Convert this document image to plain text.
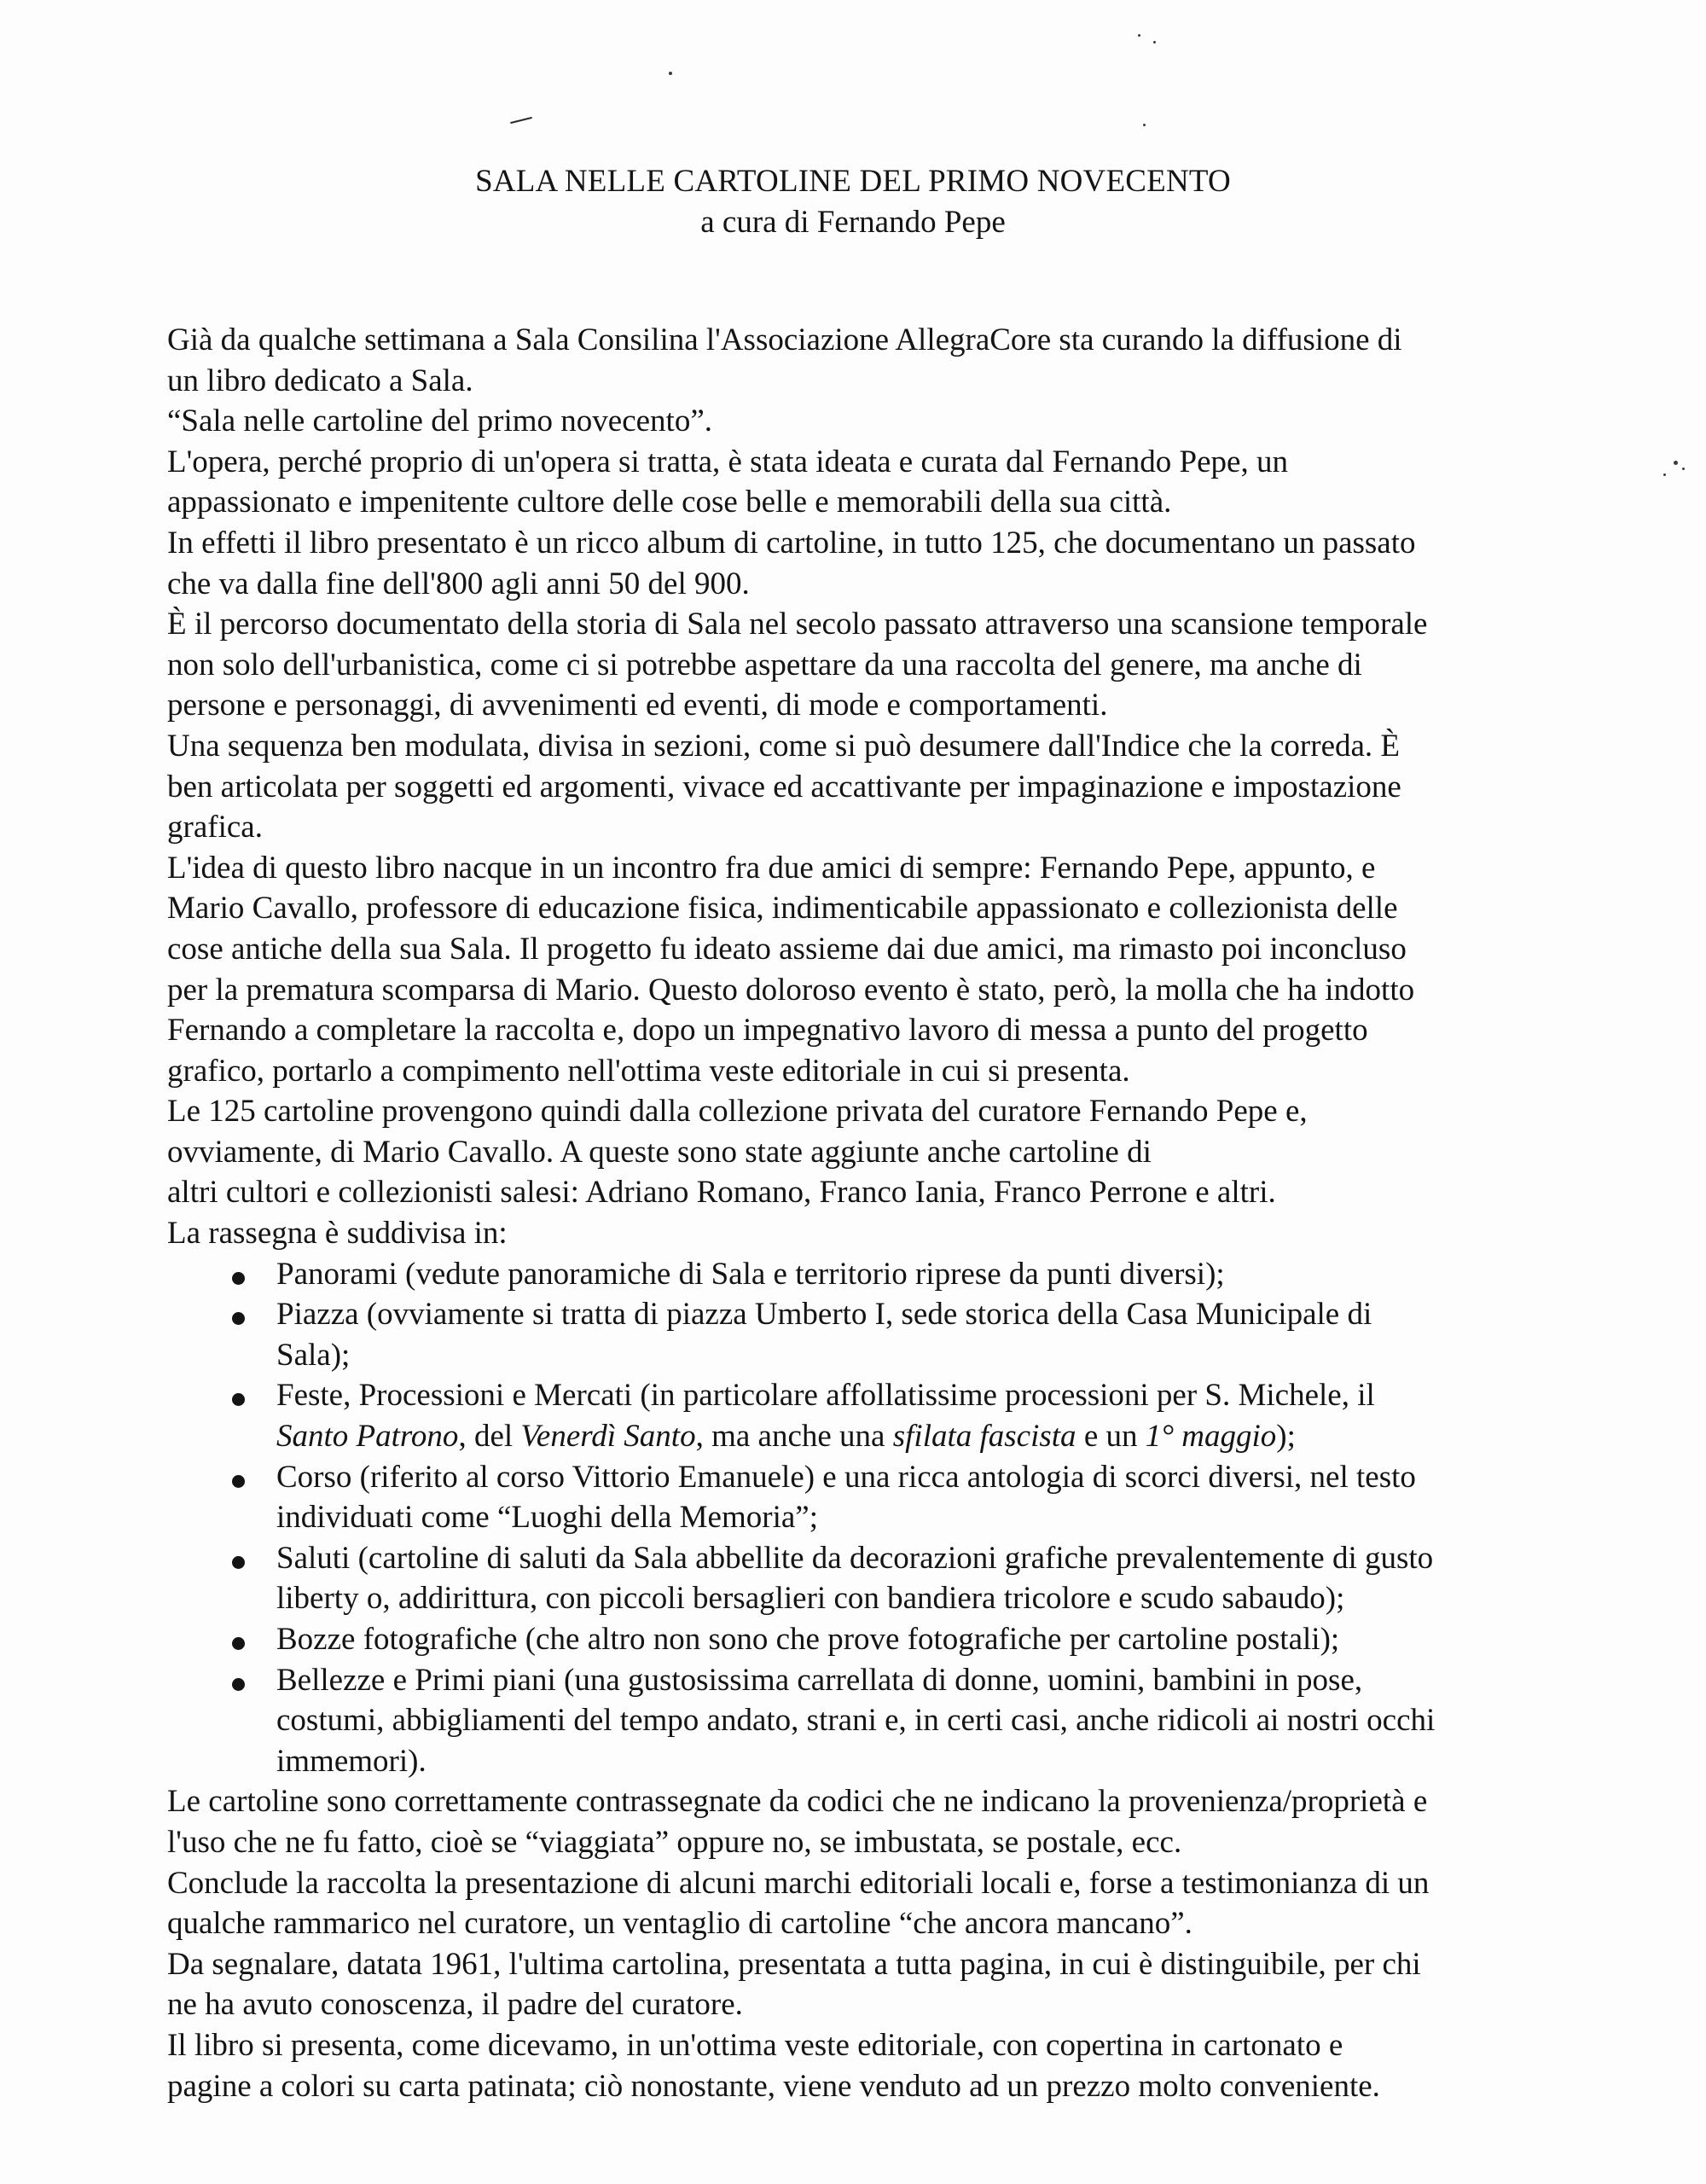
SALA NELLE CARTOLINE DEL PRIMO NOVECENTO
a cura di Fernando Pepe
Già da qualche settimana a Sala Consilina l'Associazione AllegraCore sta curando la diffusione di
un libro dedicato a Sala.
“Sala nelle cartoline del primo novecento”.
L'opera, perché proprio di un'opera si tratta, è stata ideata e curata dal Fernando Pepe, un
appassionato e impenitente cultore delle cose belle e memorabili della sua città.
In effetti il libro presentato è un ricco album di cartoline, in tutto 125, che documentano un passato
che va dalla fine dell'800 agli anni 50 del 900.
È il percorso documentato della storia di Sala nel secolo passato attraverso una scansione temporale
non solo dell'urbanistica, come ci si potrebbe aspettare da una raccolta del genere, ma anche di
persone e personaggi, di avvenimenti ed eventi, di mode e comportamenti.
Una sequenza ben modulata, divisa in sezioni, come si può desumere dall'Indice che la correda. È
ben articolata per soggetti ed argomenti, vivace ed accattivante per impaginazione e impostazione
grafica.
L'idea di questo libro nacque in un incontro fra due amici di sempre: Fernando Pepe, appunto, e
Mario Cavallo, professore di educazione fisica, indimenticabile appassionato e collezionista delle
cose antiche della sua Sala. Il progetto fu ideato assieme dai due amici, ma rimasto poi inconcluso
per la prematura scomparsa di Mario. Questo doloroso evento è stato, però, la molla che ha indotto
Fernando a completare la raccolta e, dopo un impegnativo lavoro di messa a punto del progetto
grafico, portarlo a compimento nell'ottima veste editoriale in cui si presenta.
Le 125 cartoline provengono quindi dalla collezione privata del curatore Fernando Pepe e,
ovviamente, di Mario Cavallo. A queste sono state aggiunte anche cartoline di
altri cultori e collezionisti salesi: Adriano Romano, Franco Iania, Franco Perrone e altri.
La rassegna è suddivisa in:
Panorami (vedute panoramiche di Sala e territorio riprese da punti diversi);
Piazza (ovviamente si tratta di piazza Umberto I, sede storica della Casa Municipale di
Sala);
Feste, Processioni e Mercati (in particolare affollatissime processioni per S. Michele, il
Santo Patrono, del Venerdì Santo, ma anche una sfilata fascista e un 1° maggio);
Corso (riferito al corso Vittorio Emanuele) e una ricca antologia di scorci diversi, nel testo
individuati come “Luoghi della Memoria”;
Saluti (cartoline di saluti da Sala abbellite da decorazioni grafiche prevalentemente di gusto
liberty o, addirittura, con piccoli bersaglieri con bandiera tricolore e scudo sabaudo);
Bozze fotografiche (che altro non sono che prove fotografiche per cartoline postali);
Bellezze e Primi piani (una gustosissima carrellata di donne, uomini, bambini in pose,
costumi, abbigliamenti del tempo andato, strani e, in certi casi, anche ridicoli ai nostri occhi
immemori).
Le cartoline sono correttamente contrassegnate da codici che ne indicano la provenienza/proprietà e
l'uso che ne fu fatto, cioè se “viaggiata” oppure no, se imbustata, se postale, ecc.
Conclude la raccolta la presentazione di alcuni marchi editoriali locali e, forse a testimonianza di un
qualche rammarico nel curatore, un ventaglio di cartoline “che ancora mancano”.
Da segnalare, datata 1961, l'ultima cartolina, presentata a tutta pagina, in cui è distinguibile, per chi
ne ha avuto conoscenza, il padre del curatore.
Il libro si presenta, come dicevamo, in un'ottima veste editoriale, con copertina in cartonato e
pagine a colori su carta patinata; ciò nonostante, viene venduto ad un prezzo molto conveniente.
